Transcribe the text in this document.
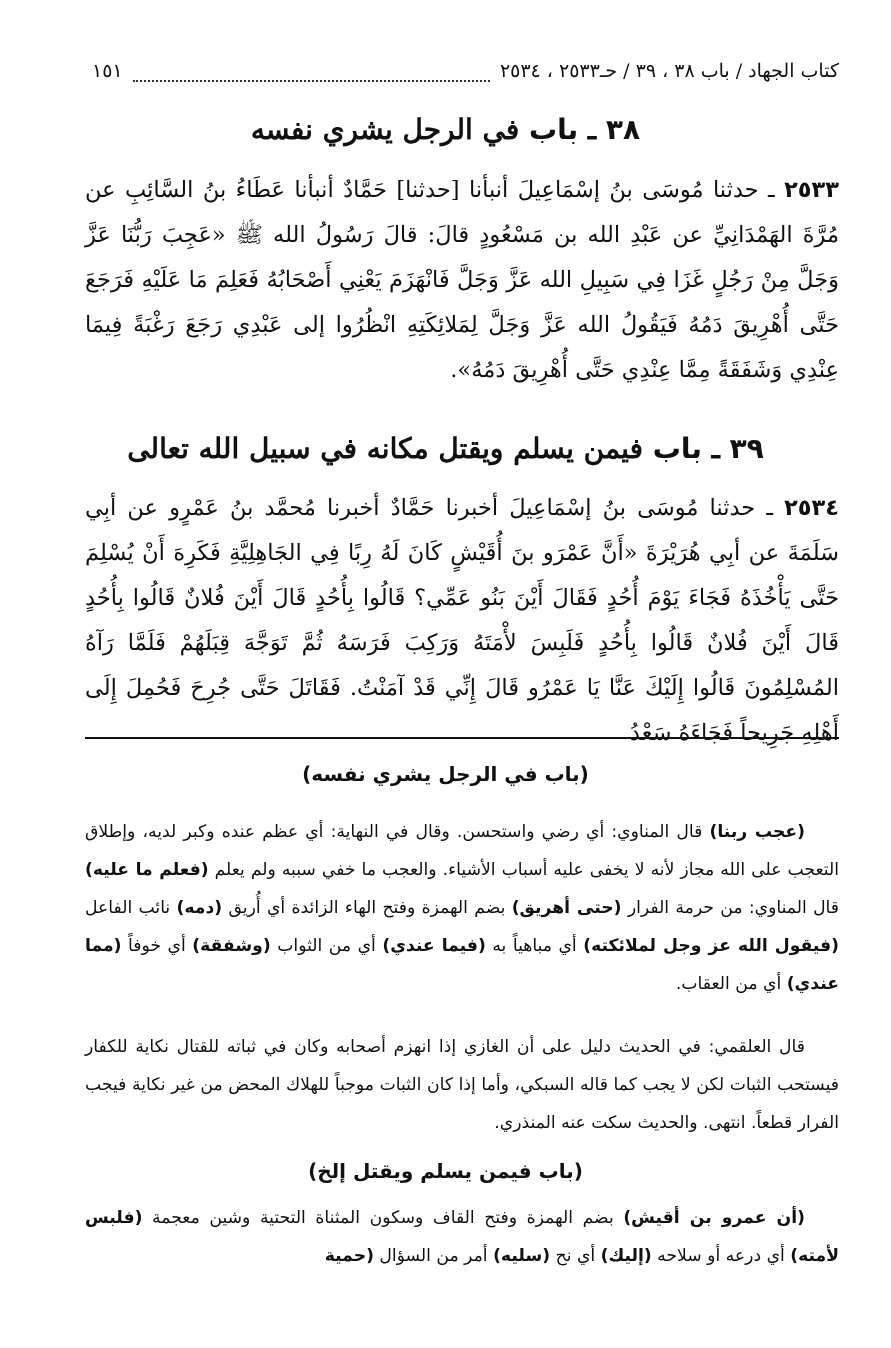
كتاب الجهاد / باب ٣٨ ، ٣٩ / حـ٢٥٣٣ ، ٢٥٣٤
١٥١
٣٨ ـ باب في الرجل يشري نفسه

٢٥٣٣ ـ حدثنا مُوسَى بنُ إسْمَاعِيلَ أنبأنا [حدثنا] حَمَّادٌ أنبأنا عَطَاءُ بنُ السَّائِبِ عن مُرَّةَ الهَمْدَانِيِّ عن عَبْدِ الله بن مَسْعُودٍ قالَ: قالَ رَسُولُ الله ﷺ «عَجِبَ رَبُّنَا عَزَّ وَجَلَّ مِنْ رَجُلٍ غَزَا فِي سَبِيلِ الله عَزَّ وَجَلَّ فَانْهَزَمَ يَعْنِي أَصْحَابُهُ فَعَلِمَ مَا عَلَيْهِ فَرَجَعَ حَتَّى أُهْرِيقَ دَمُهُ فَيَقُولُ الله عَزَّ وَجَلَّ لِمَلائِكَتِهِ انْظُرُوا إلى عَبْدِي رَجَعَ رَغْبَةً فِيمَا عِنْدِي وَشَفَقَةً مِمَّا عِنْدِي حَتَّى أُهْرِيقَ دَمُهُ».

٣٩ ـ باب فيمن يسلم ويقتل مكانه في سبيل الله تعالى

٢٥٣٤ ـ حدثنا مُوسَى بنُ إسْمَاعِيلَ أخبرنا حَمَّادٌ أخبرنا مُحمَّد بنُ عَمْرٍو عن أبِي سَلَمَةَ عن أبِي هُرَيْرَةَ «أَنَّ عَمْرَو بنَ أُقَيْشٍ كَانَ لَهُ رِبًا فِي الجَاهِلِيَّةِ فَكَرِهَ أَنْ يُسْلِمَ حَتَّى يَأْخُذَهُ فَجَاءَ يَوْمَ أُحُدٍ فَقَالَ أَيْنَ بَنُو عَمِّي؟ قَالُوا بِأُحُدٍ قَالَ أَيْنَ فُلانٌ قَالُوا بِأُحُدٍ قَالَ أَيْنَ فُلانٌ قَالُوا بِأُحُدٍ فَلَبِسَ لأْمَتَهُ وَرَكِبَ فَرَسَهُ ثُمَّ تَوَجَّهَ قِبَلَهُمْ فَلَمَّا رَآهُ المُسْلِمُونَ قَالُوا إِلَيْكَ عَنَّا يَا عَمْرُو قَالَ إِنِّي قَدْ آمَنْتُ. فَقَاتَلَ حَتَّى جُرِحَ فَحُمِلَ إِلَى أَهْلِهِ جَرِيحاً فَجَاءَهُ سَعْدُ

(باب في الرجل يشري نفسه)

(عجب ربنا) قال المناوي: أي رضي واستحسن. وقال في النهاية: أي عظم عنده وكبر لديه، وإطلاق التعجب على الله مجاز لأنه لا يخفى عليه أسباب الأشياء. والعجب ما خفي سببه ولم يعلم (فعلم ما عليه) قال المناوي: من حرمة الفرار (حتى أهريق) بضم الهمزة وفتح الهاء الزائدة أي أُريق (دمه) نائب الفاعل (فيقول الله عز وجل لملائكته) أي مباهياً به (فيما عندي) أي من الثواب (وشفقة) أي خوفاً (مما عندي) أي من العقاب.

قال العلقمي: في الحديث دليل على أن الغازي إذا انهزم أصحابه وكان في ثباته للقتال نكاية للكفار فيستحب الثبات لكن لا يجب كما قاله السبكي، وأما إذا كان الثبات موجباً للهلاك المحض من غير نكاية فيجب الفرار قطعاً. انتهى. والحديث سكت عنه المنذري.

(باب فيمن يسلم ويقتل إلخ)

(أن عمرو بن أقيش) بضم الهمزة وفتح القاف وسكون المثناة التحتية وشين معجمة (فلبس لأمته) أي درعه أو سلاحه (إليك) أي نح (سليه) أمر من السؤال (حمية
